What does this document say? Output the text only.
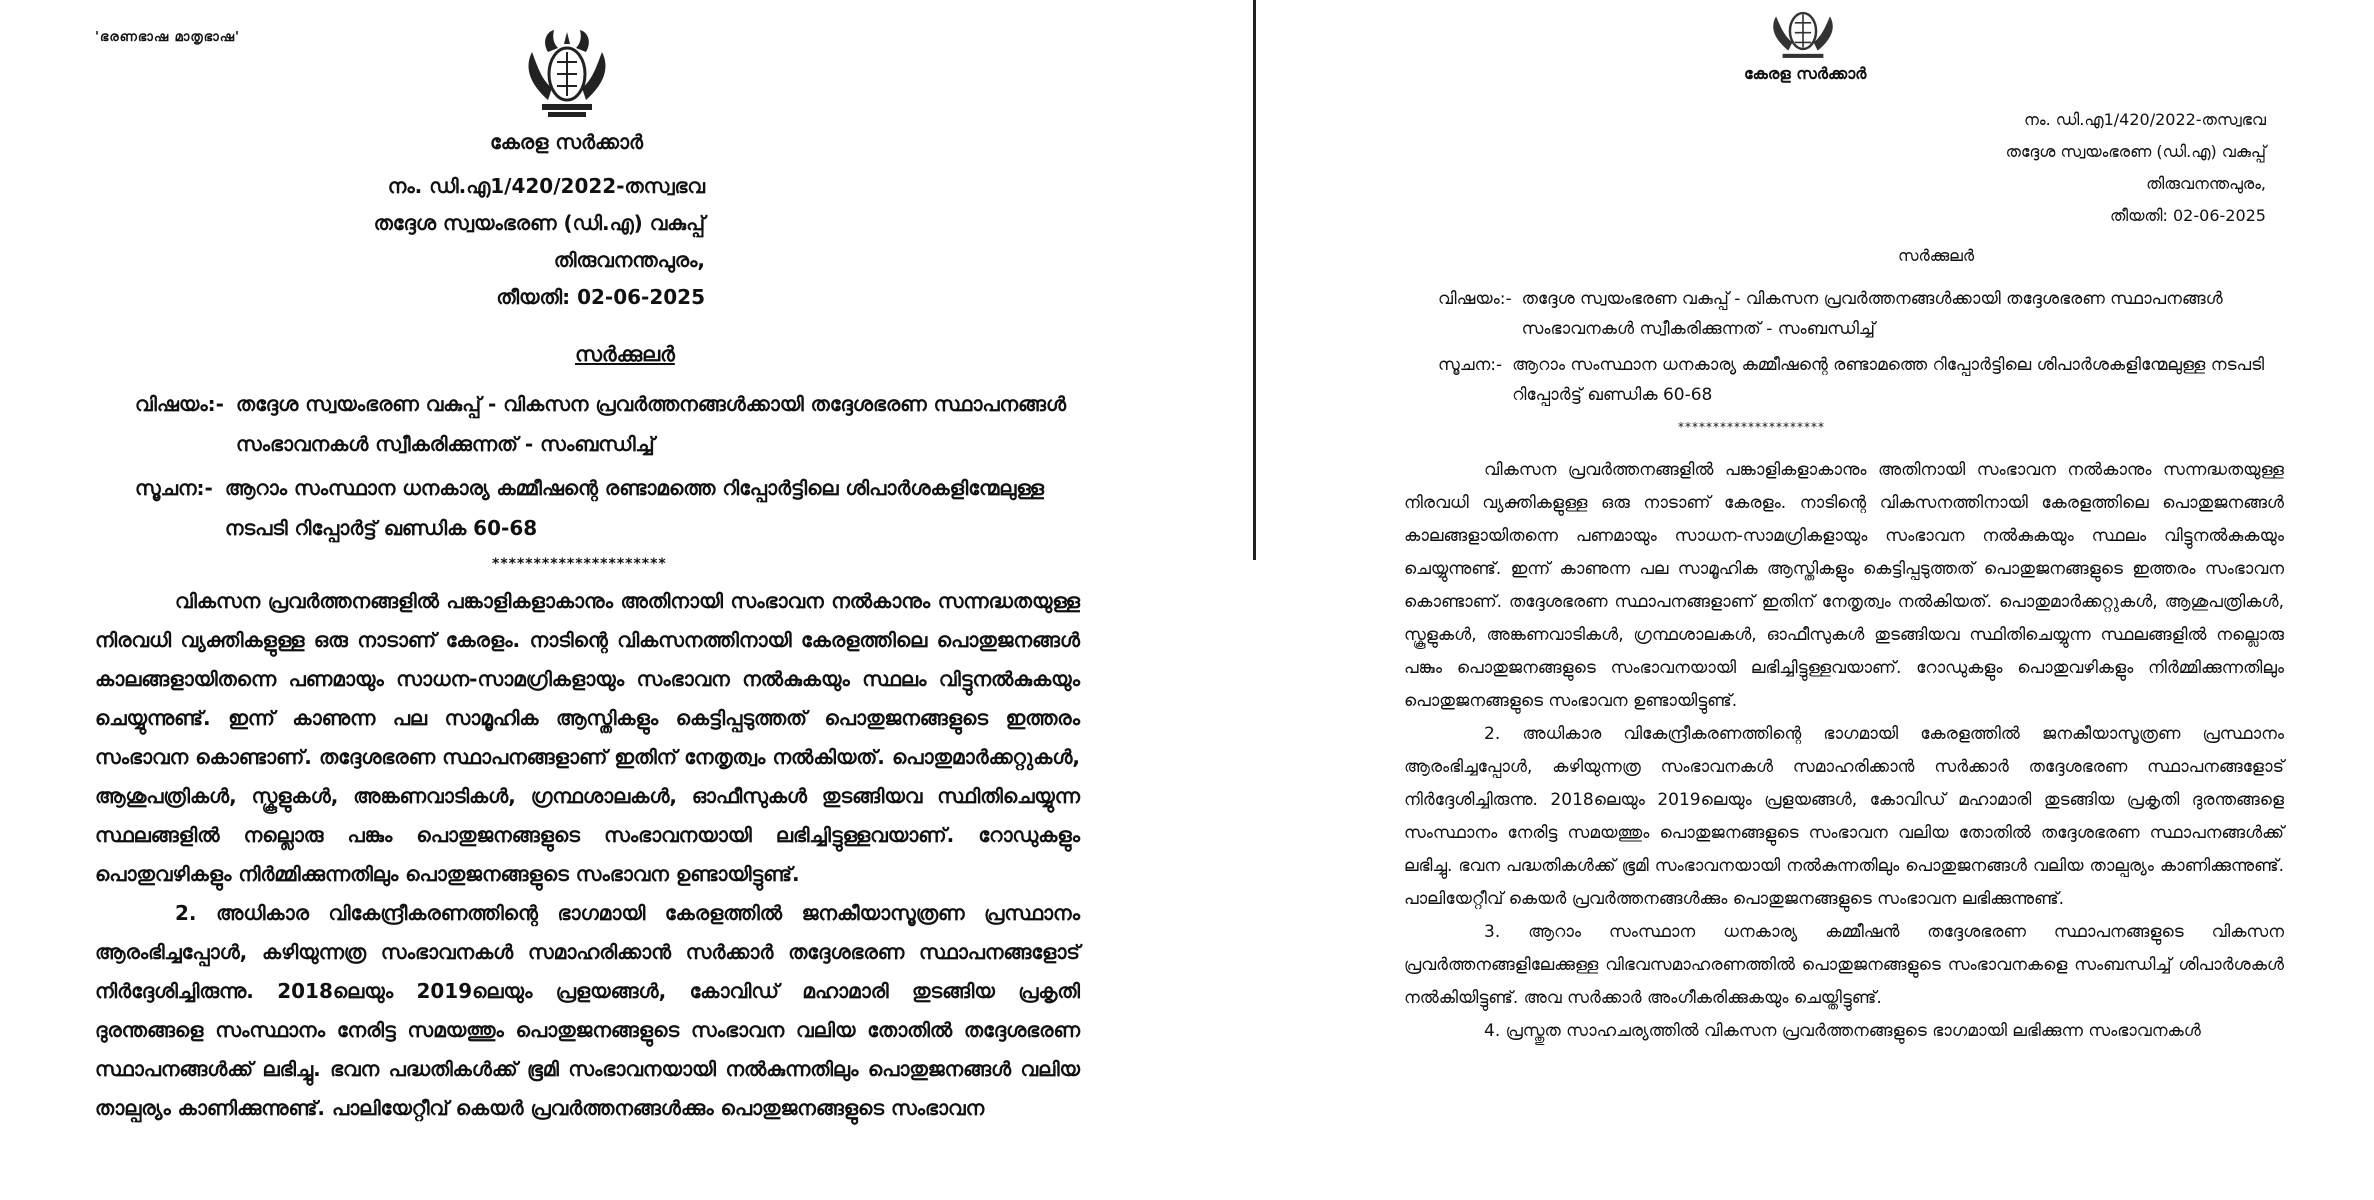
'ഭരണഭാഷ മാതൃഭാഷ'
കേരള സർക്കാർ
നം. ഡി.എ1/420/2022-തസ്വഭവ
തദ്ദേശ സ്വയംഭരണ (ഡി.എ) വകുപ്പ്
തിരുവനന്തപുരം,
തീയതി: 02-06-2025
സർക്കുലർ
വിഷയം:- തദ്ദേശ സ്വയംഭരണ വകുപ്പ് - വികസന പ്രവർത്തനങ്ങൾക്കായി തദ്ദേശഭരണ സ്ഥാപനങ്ങൾ സംഭാവനകൾ സ്വീകരിക്കുന്നത് - സംബന്ധിച്ച്
സൂചന:- ആറാം സംസ്ഥാന ധനകാര്യ കമ്മീഷന്റെ രണ്ടാമത്തെ റിപ്പോർട്ടിലെ ശിപാർശകളിന്മേലുള്ള നടപടി റിപ്പോർട്ട് ഖണ്ഡിക 60-68
*********************

വികസന പ്രവർത്തനങ്ങളിൽ പങ്കാളികളാകാനും അതിനായി സംഭാവന നൽകാനും സന്നദ്ധതയുള്ള നിരവധി വ്യക്തികളുള്ള ഒരു നാടാണ് കേരളം. നാടിന്റെ വികസനത്തിനായി കേരളത്തിലെ പൊതുജനങ്ങൾ കാലങ്ങളായിതന്നെ പണമായും സാധന-സാമഗ്രികളായും സംഭാവന നൽകുകയും സ്ഥലം വിട്ടുനൽകുകയും ചെയ്യുന്നുണ്ട്. ഇന്ന് കാണുന്ന പല സാമൂഹിക ആസ്തികളും കെട്ടിപ്പടുത്തത് പൊതുജനങ്ങളുടെ ഇത്തരം സംഭാവന കൊണ്ടാണ്. തദ്ദേശഭരണ സ്ഥാപനങ്ങളാണ് ഇതിന് നേതൃത്വം നൽകിയത്. പൊതുമാർക്കറ്റുകൾ, ആശുപത്രികൾ, സ്കൂളുകൾ, അങ്കണവാടികൾ, ഗ്രന്ഥശാലകൾ, ഓഫീസുകൾ തുടങ്ങിയവ സ്ഥിതിചെയ്യുന്ന സ്ഥലങ്ങളിൽ നല്ലൊരു പങ്കും പൊതുജനങ്ങളുടെ സംഭാവനയായി ലഭിച്ചിട്ടുള്ളവയാണ്. റോഡുകളും പൊതുവഴികളും നിർമ്മിക്കുന്നതിലും പൊതുജനങ്ങളുടെ സംഭാവന ഉണ്ടായിട്ടുണ്ട്.

2. അധികാര വികേന്ദ്രീകരണത്തിന്റെ ഭാഗമായി കേരളത്തിൽ ജനകീയാസൂത്രണ പ്രസ്ഥാനം ആരംഭിച്ചപ്പോൾ, കഴിയുന്നത്ര സംഭാവനകൾ സമാഹരിക്കാൻ സർക്കാർ തദ്ദേശഭരണ സ്ഥാപനങ്ങളോട് നിർദ്ദേശിച്ചിരുന്നു. 2018ലെയും 2019ലെയും പ്രളയങ്ങൾ, കോവിഡ് മഹാമാരി തുടങ്ങിയ പ്രകൃതി ദുരന്തങ്ങളെ സംസ്ഥാനം നേരിട്ട സമയത്തും പൊതുജനങ്ങളുടെ സംഭാവന വലിയ തോതിൽ തദ്ദേശഭരണ സ്ഥാപനങ്ങൾക്ക് ലഭിച്ചു. ഭവന പദ്ധതികൾക്ക് ഭൂമി സംഭാവനയായി നൽകുന്നതിലും പൊതുജനങ്ങൾ വലിയ താല്പര്യം കാണിക്കുന്നുണ്ട്. പാലിയേറ്റീവ് കെയർ പ്രവർത്തനങ്ങൾക്കും പൊതുജനങ്ങളുടെ സംഭാവന

കേരള സർക്കാർ
നം. ഡി.എ1/420/2022-തസ്വഭവ
തദ്ദേശ സ്വയംഭരണ (ഡി.എ) വകുപ്പ്
തിരുവനന്തപുരം,
തീയതി: 02-06-2025
സർക്കുലർ
വിഷയം:- തദ്ദേശ സ്വയംഭരണ വകുപ്പ് - വികസന പ്രവർത്തനങ്ങൾക്കായി തദ്ദേശഭരണ സ്ഥാപനങ്ങൾ സംഭാവനകൾ സ്വീകരിക്കുന്നത് - സംബന്ധിച്ച്
സൂചന:- ആറാം സംസ്ഥാന ധനകാര്യ കമ്മീഷന്റെ രണ്ടാമത്തെ റിപ്പോർട്ടിലെ ശിപാർശകളിന്മേലുള്ള നടപടി റിപ്പോർട്ട് ഖണ്ഡിക 60-68
*********************

വികസന പ്രവർത്തനങ്ങളിൽ പങ്കാളികളാകാനും അതിനായി സംഭാവന നൽകാനും സന്നദ്ധതയുള്ള നിരവധി വ്യക്തികളുള്ള ഒരു നാടാണ് കേരളം. നാടിന്റെ വികസനത്തിനായി കേരളത്തിലെ പൊതുജനങ്ങൾ കാലങ്ങളായിതന്നെ പണമായും സാധന-സാമഗ്രികളായും സംഭാവന നൽകുകയും സ്ഥലം വിട്ടുനൽകുകയും ചെയ്യുന്നുണ്ട്. ഇന്ന് കാണുന്ന പല സാമൂഹിക ആസ്തികളും കെട്ടിപ്പടുത്തത് പൊതുജനങ്ങളുടെ ഇത്തരം സംഭാവന കൊണ്ടാണ്. തദ്ദേശഭരണ സ്ഥാപനങ്ങളാണ് ഇതിന് നേതൃത്വം നൽകിയത്. പൊതുമാർക്കറ്റുകൾ, ആശുപത്രികൾ, സ്കൂളുകൾ, അങ്കണവാടികൾ, ഗ്രന്ഥശാലകൾ, ഓഫീസുകൾ തുടങ്ങിയവ സ്ഥിതിചെയ്യുന്ന സ്ഥലങ്ങളിൽ നല്ലൊരു പങ്കും പൊതുജനങ്ങളുടെ സംഭാവനയായി ലഭിച്ചിട്ടുള്ളവയാണ്. റോഡുകളും പൊതുവഴികളും നിർമ്മിക്കുന്നതിലും പൊതുജനങ്ങളുടെ സംഭാവന ഉണ്ടായിട്ടുണ്ട്.

2. അധികാര വികേന്ദ്രീകരണത്തിന്റെ ഭാഗമായി കേരളത്തിൽ ജനകീയാസൂത്രണ പ്രസ്ഥാനം ആരംഭിച്ചപ്പോൾ, കഴിയുന്നത്ര സംഭാവനകൾ സമാഹരിക്കാൻ സർക്കാർ തദ്ദേശഭരണ സ്ഥാപനങ്ങളോട് നിർദ്ദേശിച്ചിരുന്നു. 2018ലെയും 2019ലെയും പ്രളയങ്ങൾ, കോവിഡ് മഹാമാരി തുടങ്ങിയ പ്രകൃതി ദുരന്തങ്ങളെ സംസ്ഥാനം നേരിട്ട സമയത്തും പൊതുജനങ്ങളുടെ സംഭാവന വലിയ തോതിൽ തദ്ദേശഭരണ സ്ഥാപനങ്ങൾക്ക് ലഭിച്ചു. ഭവന പദ്ധതികൾക്ക് ഭൂമി സംഭാവനയായി നൽകുന്നതിലും പൊതുജനങ്ങൾ വലിയ താല്പര്യം കാണിക്കുന്നുണ്ട്. പാലിയേറ്റീവ് കെയർ പ്രവർത്തനങ്ങൾക്കും പൊതുജനങ്ങളുടെ സംഭാവന ലഭിക്കുന്നുണ്ട്.

3. ആറാം സംസ്ഥാന ധനകാര്യ കമ്മീഷൻ തദ്ദേശഭരണ സ്ഥാപനങ്ങളുടെ വികസന പ്രവർത്തനങ്ങളിലേക്കുള്ള വിഭവസമാഹരണത്തിൽ പൊതുജനങ്ങളുടെ സംഭാവനകളെ സംബന്ധിച്ച് ശിപാർശകൾ നൽകിയിട്ടുണ്ട്. അവ സർക്കാർ അംഗീകരിക്കുകയും ചെയ്തിട്ടുണ്ട്.

4. പ്രസ്തുത സാഹചര്യത്തിൽ വികസന പ്രവർത്തനങ്ങളുടെ ഭാഗമായി ലഭിക്കുന്ന സംഭാവനകൾ
